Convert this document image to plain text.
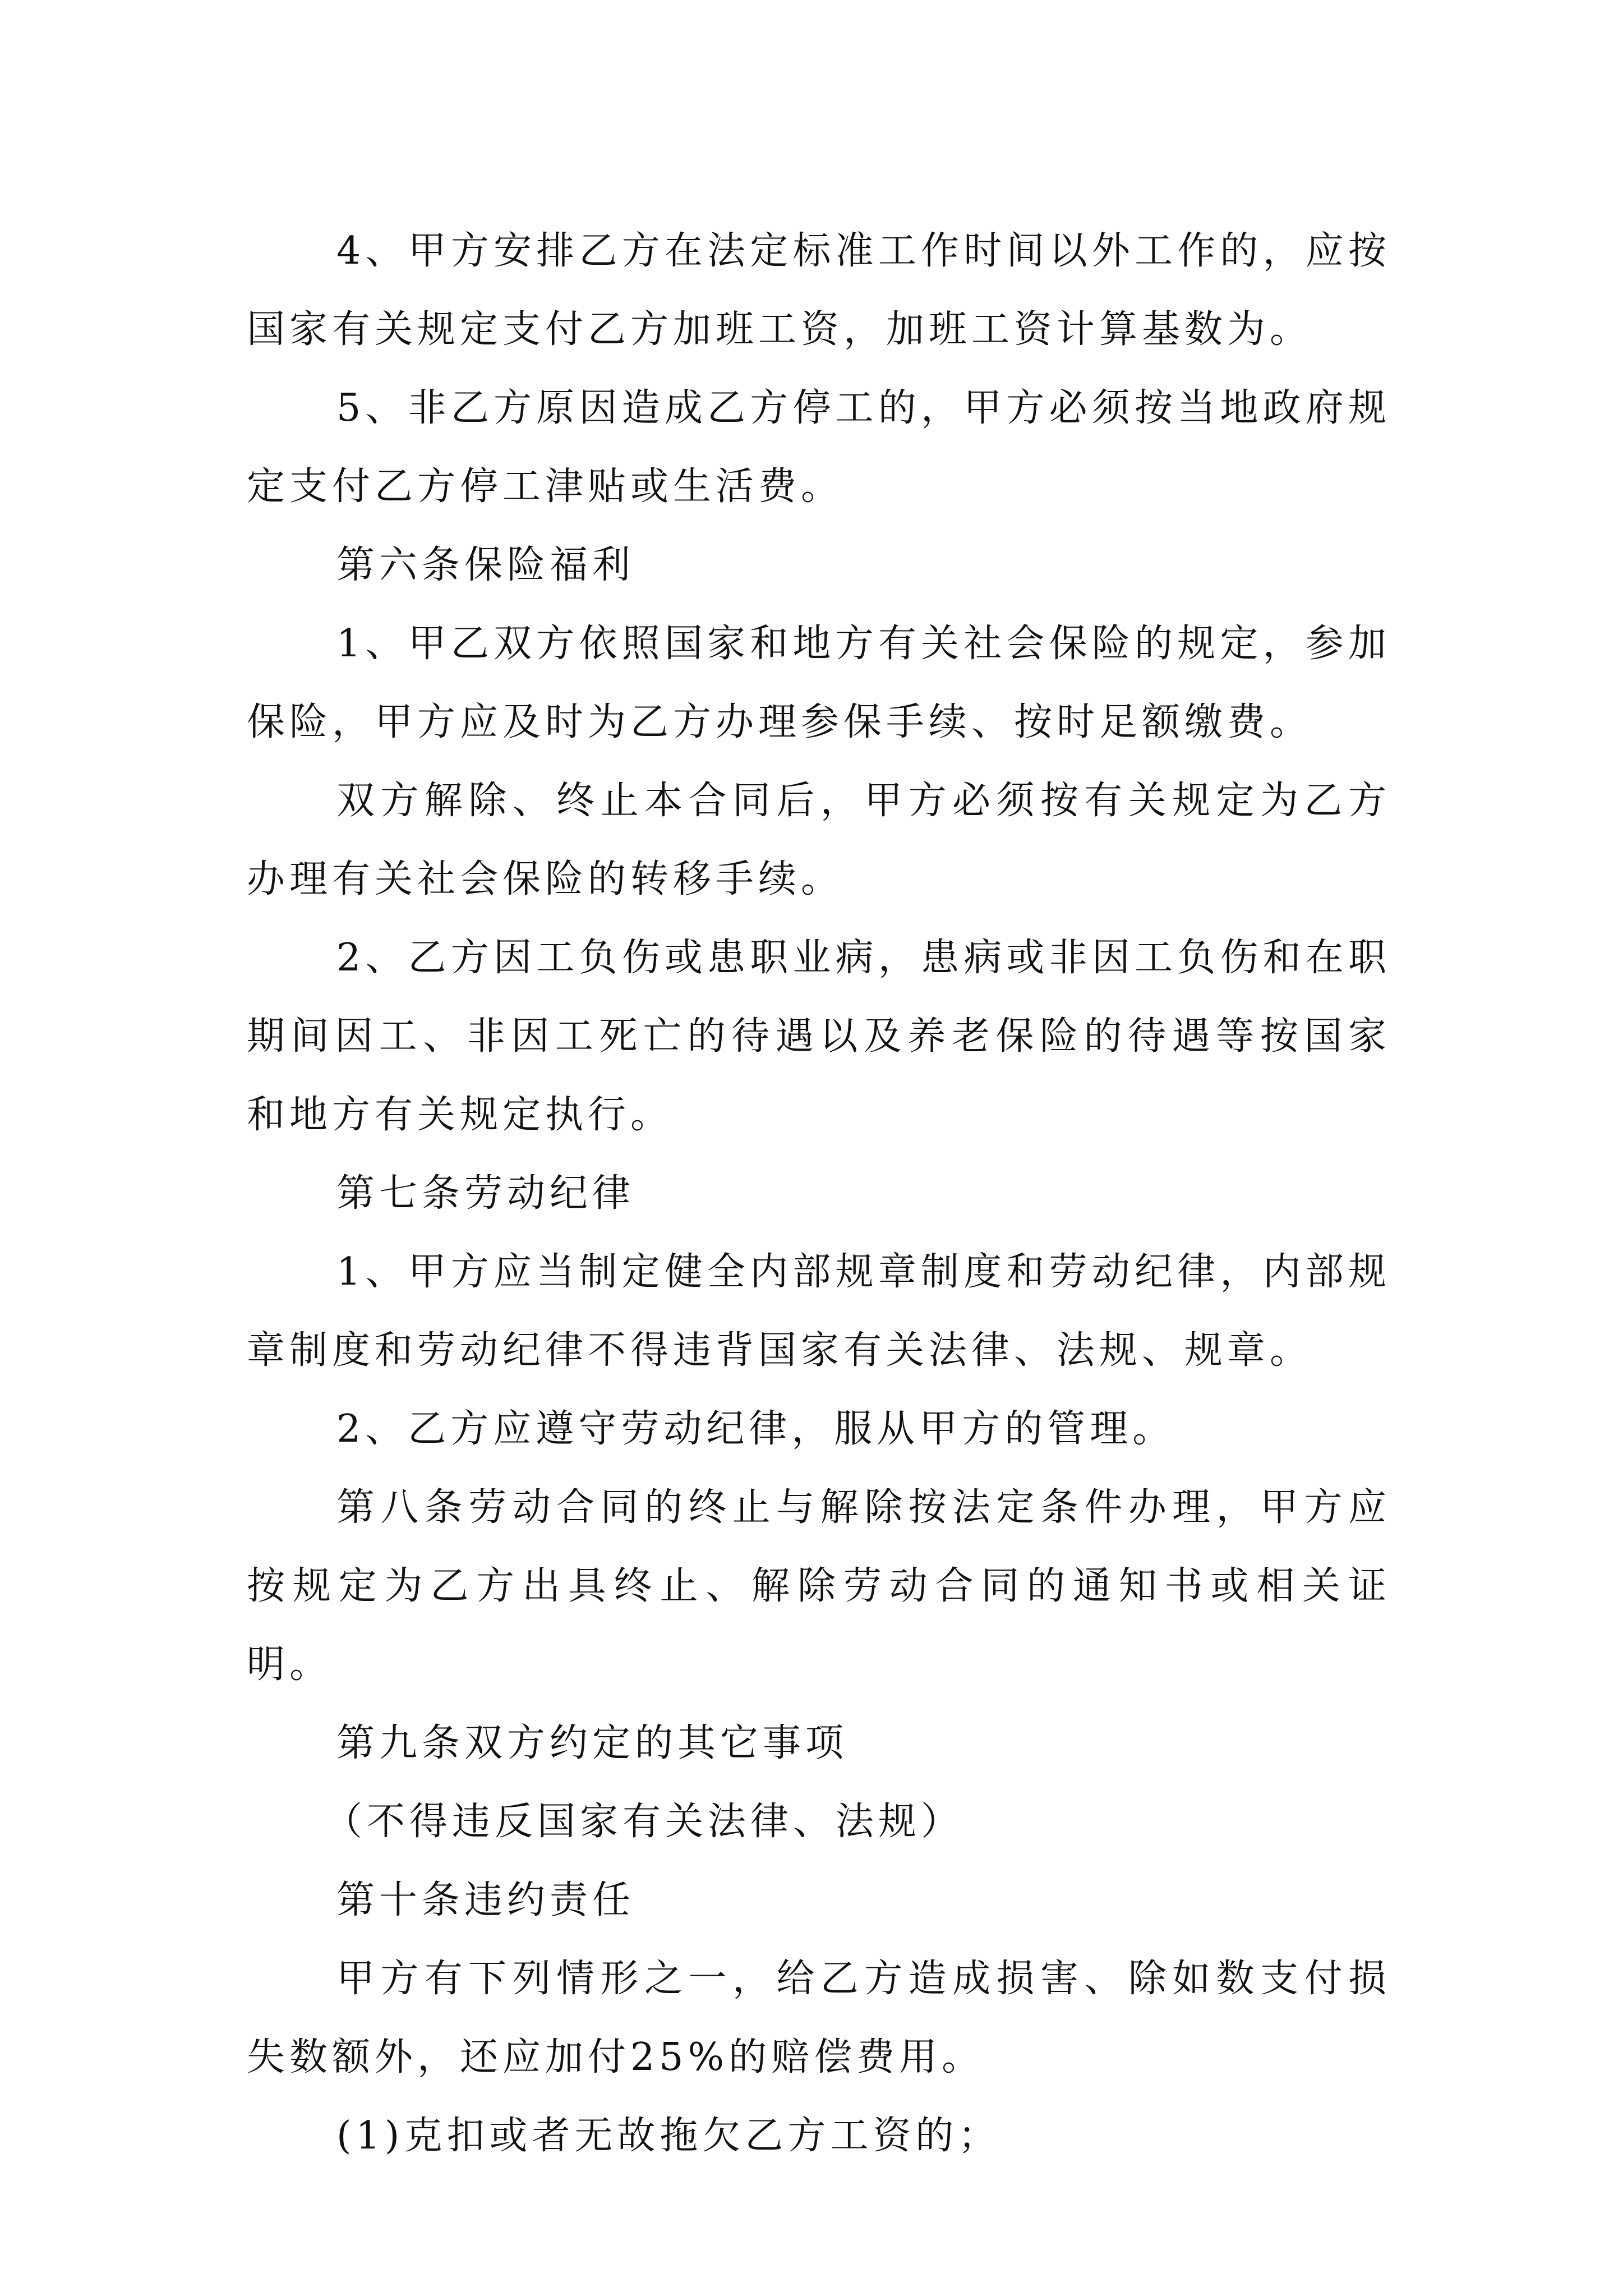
4、甲方安排乙方在法定标准工作时间以外工作的，应按国家有关规定支付乙方加班工资，加班工资计算基数为。

5、非乙方原因造成乙方停工的，甲方必须按当地政府规定支付乙方停工津贴或生活费。

第六条保险福利

1、甲乙双方依照国家和地方有关社会保险的规定，参加保险，甲方应及时为乙方办理参保手续、按时足额缴费。

双方解除、终止本合同后，甲方必须按有关规定为乙方办理有关社会保险的转移手续。

2、乙方因工负伤或患职业病，患病或非因工负伤和在职期间因工、非因工死亡的待遇以及养老保险的待遇等按国家和地方有关规定执行。

第七条劳动纪律

1、甲方应当制定健全内部规章制度和劳动纪律，内部规章制度和劳动纪律不得违背国家有关法律、法规、规章。

2、乙方应遵守劳动纪律，服从甲方的管理。

第八条劳动合同的终止与解除按法定条件办理，甲方应按规定为乙方出具终止、解除劳动合同的通知书或相关证明。

第九条双方约定的其它事项

（不得违反国家有关法律、法规）

第十条违约责任

甲方有下列情形之一，给乙方造成损害、除如数支付损失数额外，还应加付25%的赔偿费用。

(1)克扣或者无故拖欠乙方工资的；
